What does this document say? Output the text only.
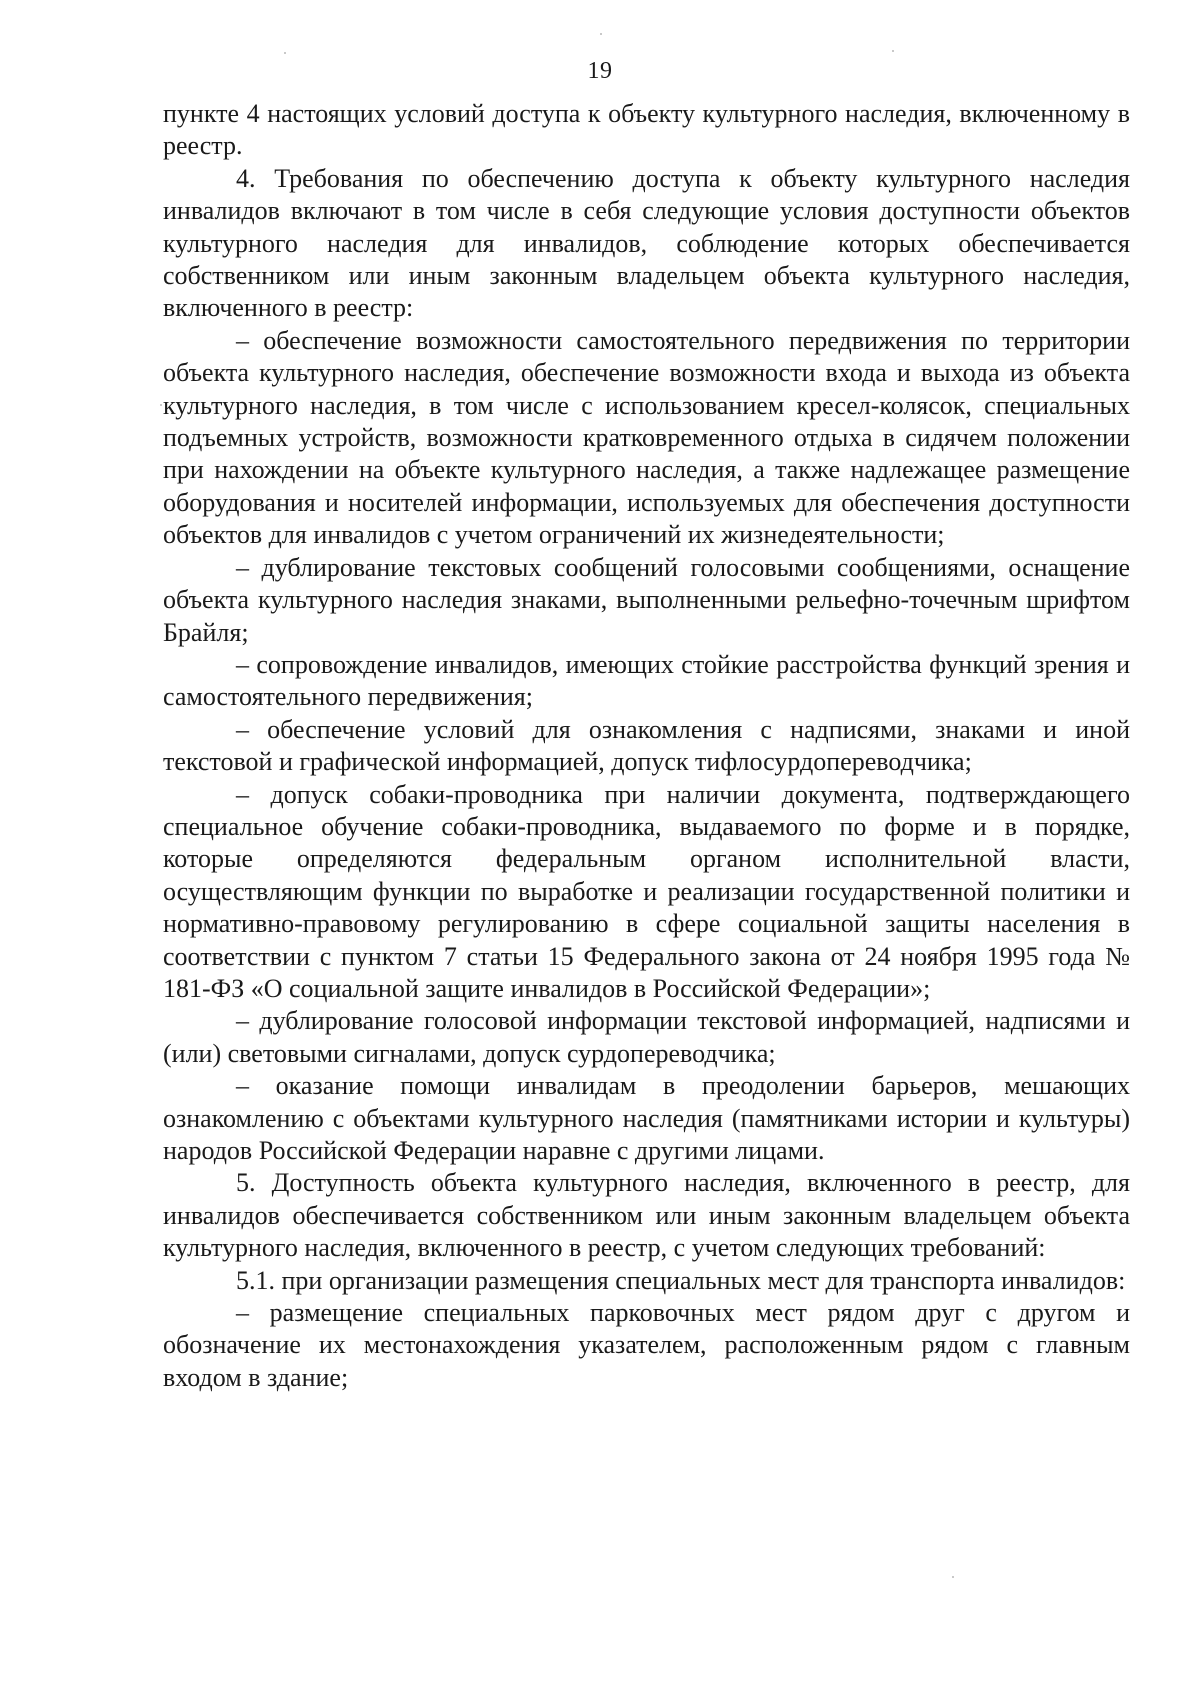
19

пункте 4 настоящих условий доступа к объекту культурного наследия, включенному в реестр.

4. Требования по обеспечению доступа к объекту культурного наследия инвалидов включают в том числе в себя следующие условия доступности объектов культурного наследия для инвалидов, соблюдение которых обеспечивается собственником или иным законным владельцем объекта культурного наследия, включенного в реестр:

– обеспечение возможности самостоятельного передвижения по территории объекта культурного наследия, обеспечение возможности входа и выхода из объекта культурного наследия, в том числе с использованием кресел-колясок, специальных подъемных устройств, возможности кратковременного отдыха в сидячем положении при нахождении на объекте культурного наследия, а также надлежащее размещение оборудования и носителей информации, используемых для обеспечения доступности объектов для инвалидов с учетом ограничений их жизнедеятельности;

– дублирование текстовых сообщений голосовыми сообщениями, оснащение объекта культурного наследия знаками, выполненными рельефно-точечным шрифтом Брайля;

– сопровождение инвалидов, имеющих стойкие расстройства функций зрения и самостоятельного передвижения;

– обеспечение условий для ознакомления с надписями, знаками и иной текстовой и графической информацией, допуск тифлосурдопереводчика;

– допуск собаки-проводника при наличии документа, подтверждающего специальное обучение собаки-проводника, выдаваемого по форме и в порядке, которые определяются федеральным органом исполнительной власти, осуществляющим функции по выработке и реализации государственной политики и нормативно-правовому регулированию в сфере социальной защиты населения в соответствии с пунктом 7 статьи 15 Федерального закона от 24 ноября 1995 года № 181-ФЗ «О социальной защите инвалидов в Российской Федерации»;

– дублирование голосовой информации текстовой информацией, надписями и (или) световыми сигналами, допуск сурдопереводчика;

– оказание помощи инвалидам в преодолении барьеров, мешающих ознакомлению с объектами культурного наследия (памятниками истории и культуры) народов Российской Федерации наравне с другими лицами.

5. Доступность объекта культурного наследия, включенного в реестр, для инвалидов обеспечивается собственником или иным законным владельцем объекта культурного наследия, включенного в реестр, с учетом следующих требований:

5.1. при организации размещения специальных мест для транспорта инвалидов:

– размещение специальных парковочных мест рядом друг с другом и обозначение их местонахождения указателем, расположенным рядом с главным входом в здание;
